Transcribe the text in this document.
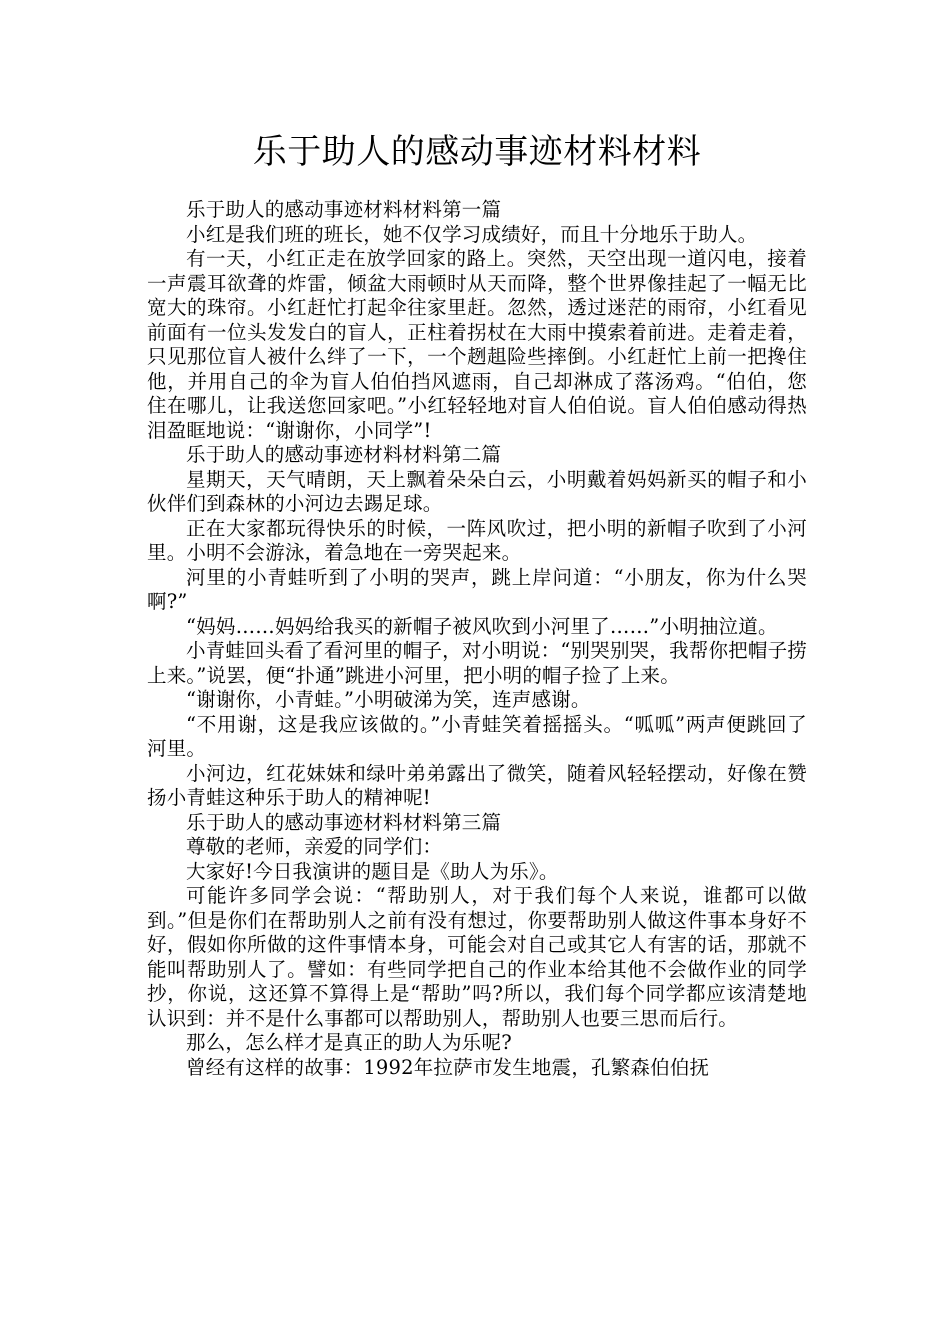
乐于助人的感动事迹材料材料

乐于助人的感动事迹材料材料第一篇

小红是我们班的班长，她不仅学习成绩好，而且十分地乐于助人。

有一天，小红正走在放学回家的路上。突然，天空出现一道闪电，接着一声震耳欲聋的炸雷，倾盆大雨顿时从天而降，整个世界像挂起了一幅无比宽大的珠帘。小红赶忙打起伞往家里赶。忽然，透过迷茫的雨帘，小红看见前面有一位头发发白的盲人，正柱着拐杖在大雨中摸索着前进。走着走着，只见那位盲人被什么绊了一下，一个趔趄险些摔倒。小红赶忙上前一把搀住他，并用自己的伞为盲人伯伯挡风遮雨，自己却淋成了落汤鸡。“伯伯，您住在哪儿，让我送您回家吧。”小红轻轻地对盲人伯伯说。盲人伯伯感动得热泪盈眶地说：“谢谢你，小同学”!

乐于助人的感动事迹材料材料第二篇

星期天，天气晴朗，天上飘着朵朵白云，小明戴着妈妈新买的帽子和小伙伴们到森林的小河边去踢足球。

正在大家都玩得快乐的时候，一阵风吹过，把小明的新帽子吹到了小河里。小明不会游泳，着急地在一旁哭起来。

河里的小青蛙听到了小明的哭声，跳上岸问道：“小朋友，你为什么哭啊?”

“妈妈……妈妈给我买的新帽子被风吹到小河里了……”小明抽泣道。

小青蛙回头看了看河里的帽子，对小明说：“别哭别哭，我帮你把帽子捞上来。”说罢，便“扑通”跳进小河里，把小明的帽子捡了上来。

“谢谢你，小青蛙。”小明破涕为笑，连声感谢。

“不用谢，这是我应该做的。”小青蛙笑着摇摇头。“呱呱”两声便跳回了河里。

小河边，红花妹妹和绿叶弟弟露出了微笑，随着风轻轻摆动，好像在赞扬小青蛙这种乐于助人的精神呢!

乐于助人的感动事迹材料材料第三篇

尊敬的老师，亲爱的同学们：

大家好!今日我演讲的题目是《助人为乐》。

可能许多同学会说：“帮助别人，对于我们每个人来说，谁都可以做到。”但是你们在帮助别人之前有没有想过，你要帮助别人做这件事本身好不好，假如你所做的这件事情本身，可能会对自己或其它人有害的话，那就不能叫帮助别人了。譬如：有些同学把自己的作业本给其他不会做作业的同学抄，你说，这还算不算得上是“帮助”吗?所以，我们每个同学都应该清楚地认识到：并不是什么事都可以帮助别人，帮助别人也要三思而后行。

那么，怎么样才是真正的助人为乐呢?

曾经有这样的故事：1992年拉萨市发生地震，孔繁森伯伯抚
